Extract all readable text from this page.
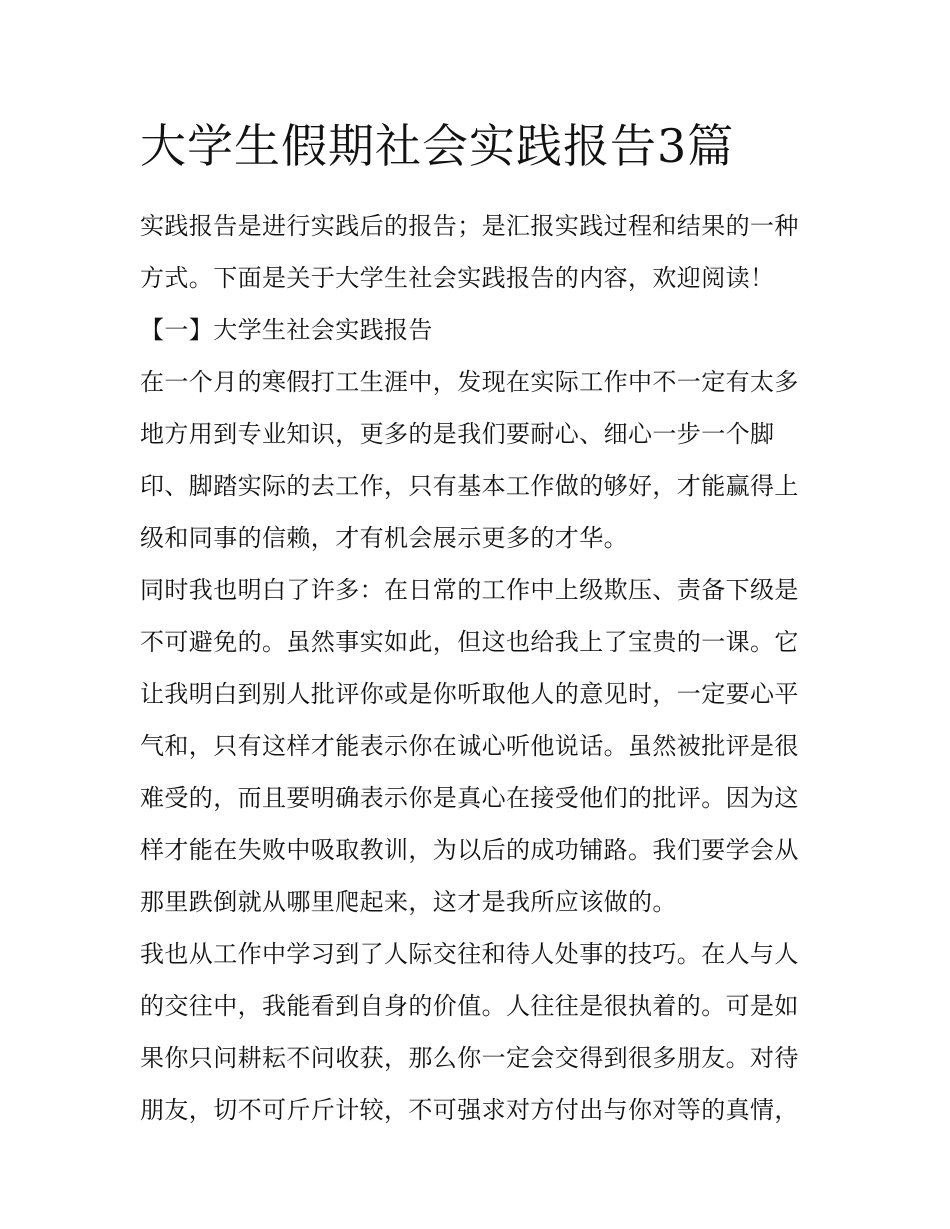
大学生假期社会实践报告3篇
实践报告是进行实践后的报告；是汇报实践过程和结果的一种
方式。下面是关于大学生社会实践报告的内容，欢迎阅读！
【一】大学生社会实践报告
在一个月的寒假打工生涯中，发现在实际工作中不一定有太多
地方用到专业知识，更多的是我们要耐心、细心一步一个脚
印、脚踏实际的去工作，只有基本工作做的够好，才能赢得上
级和同事的信赖，才有机会展示更多的才华。
同时我也明白了许多：在日常的工作中上级欺压、责备下级是
不可避免的。虽然事实如此，但这也给我上了宝贵的一课。它
让我明白到别人批评你或是你听取他人的意见时，一定要心平
气和，只有这样才能表示你在诚心听他说话。虽然被批评是很
难受的，而且要明确表示你是真心在接受他们的批评。因为这
样才能在失败中吸取教训，为以后的成功铺路。我们要学会从
那里跌倒就从哪里爬起来，这才是我所应该做的。
我也从工作中学习到了人际交往和待人处事的技巧。在人与人
的交往中，我能看到自身的价值。人往往是很执着的。可是如
果你只问耕耘不问收获，那么你一定会交得到很多朋友。对待
朋友，切不可斤斤计较，不可强求对方付出与你对等的真情，
